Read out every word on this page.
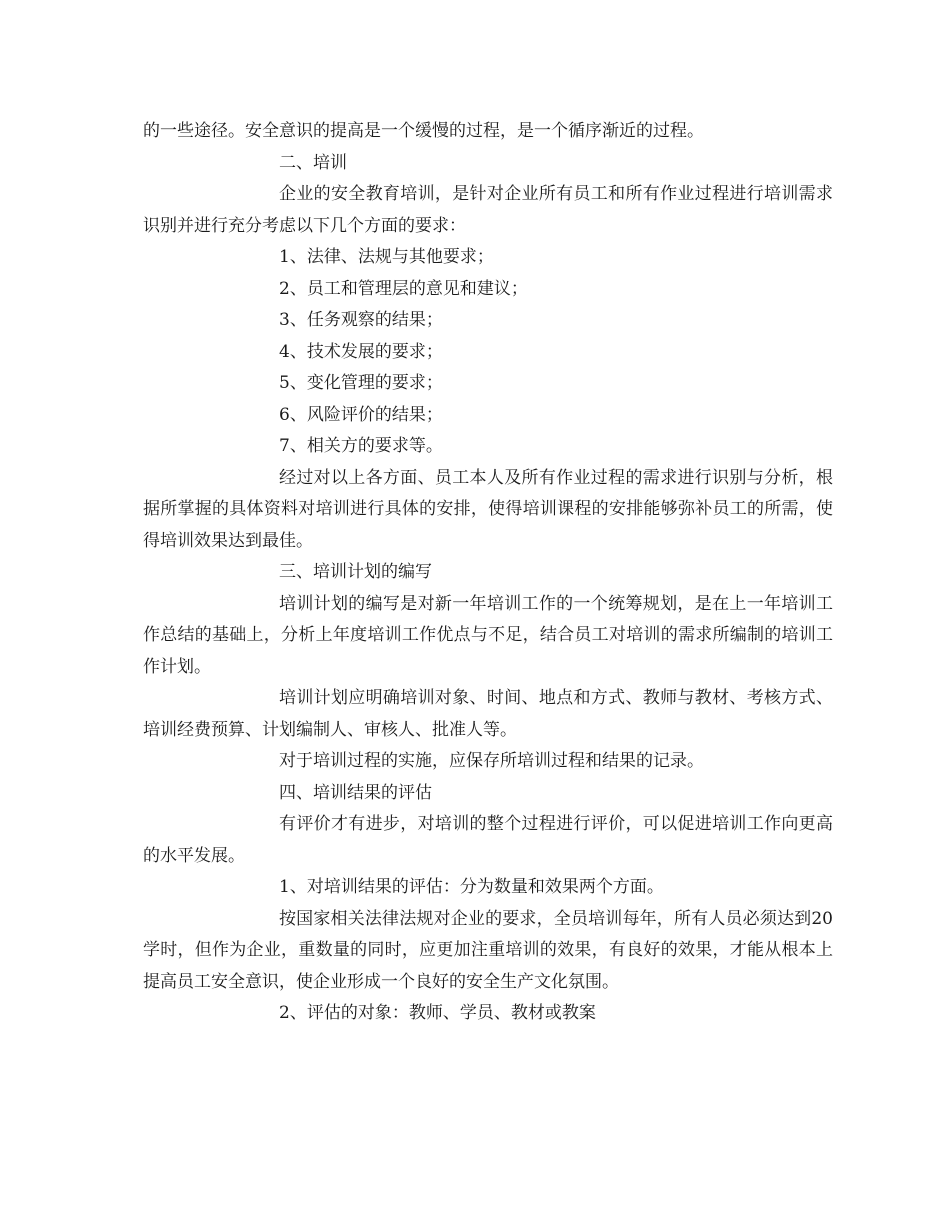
的一些途径。安全意识的提高是一个缓慢的过程，是一个循序渐近的过程。

二、培训

企业的安全教育培训，是针对企业所有员工和所有作业过程进行培训需求识别并进行充分考虑以下几个方面的要求：

1、法律、法规与其他要求；

2、员工和管理层的意见和建议；

3、任务观察的结果；

4、技术发展的要求；

5、变化管理的要求；

6、风险评价的结果；

7、相关方的要求等。

经过对以上各方面、员工本人及所有作业过程的需求进行识别与分析，根据所掌握的具体资料对培训进行具体的安排，使得培训课程的安排能够弥补员工的所需，使得培训效果达到最佳。

三、培训计划的编写

培训计划的编写是对新一年培训工作的一个统筹规划，是在上一年培训工作总结的基础上，分析上年度培训工作优点与不足，结合员工对培训的需求所编制的培训工作计划。

培训计划应明确培训对象、时间、地点和方式、教师与教材、考核方式、培训经费预算、计划编制人、审核人、批准人等。

对于培训过程的实施，应保存所培训过程和结果的记录。

四、培训结果的评估

有评价才有进步，对培训的整个过程进行评价，可以促进培训工作向更高的水平发展。

1、对培训结果的评估：分为数量和效果两个方面。

按国家相关法律法规对企业的要求，全员培训每年，所有人员必须达到20学时，但作为企业，重数量的同时，应更加注重培训的效果，有良好的效果，才能从根本上提高员工安全意识，使企业形成一个良好的安全生产文化氛围。

2、评估的对象：教师、学员、教材或教案
